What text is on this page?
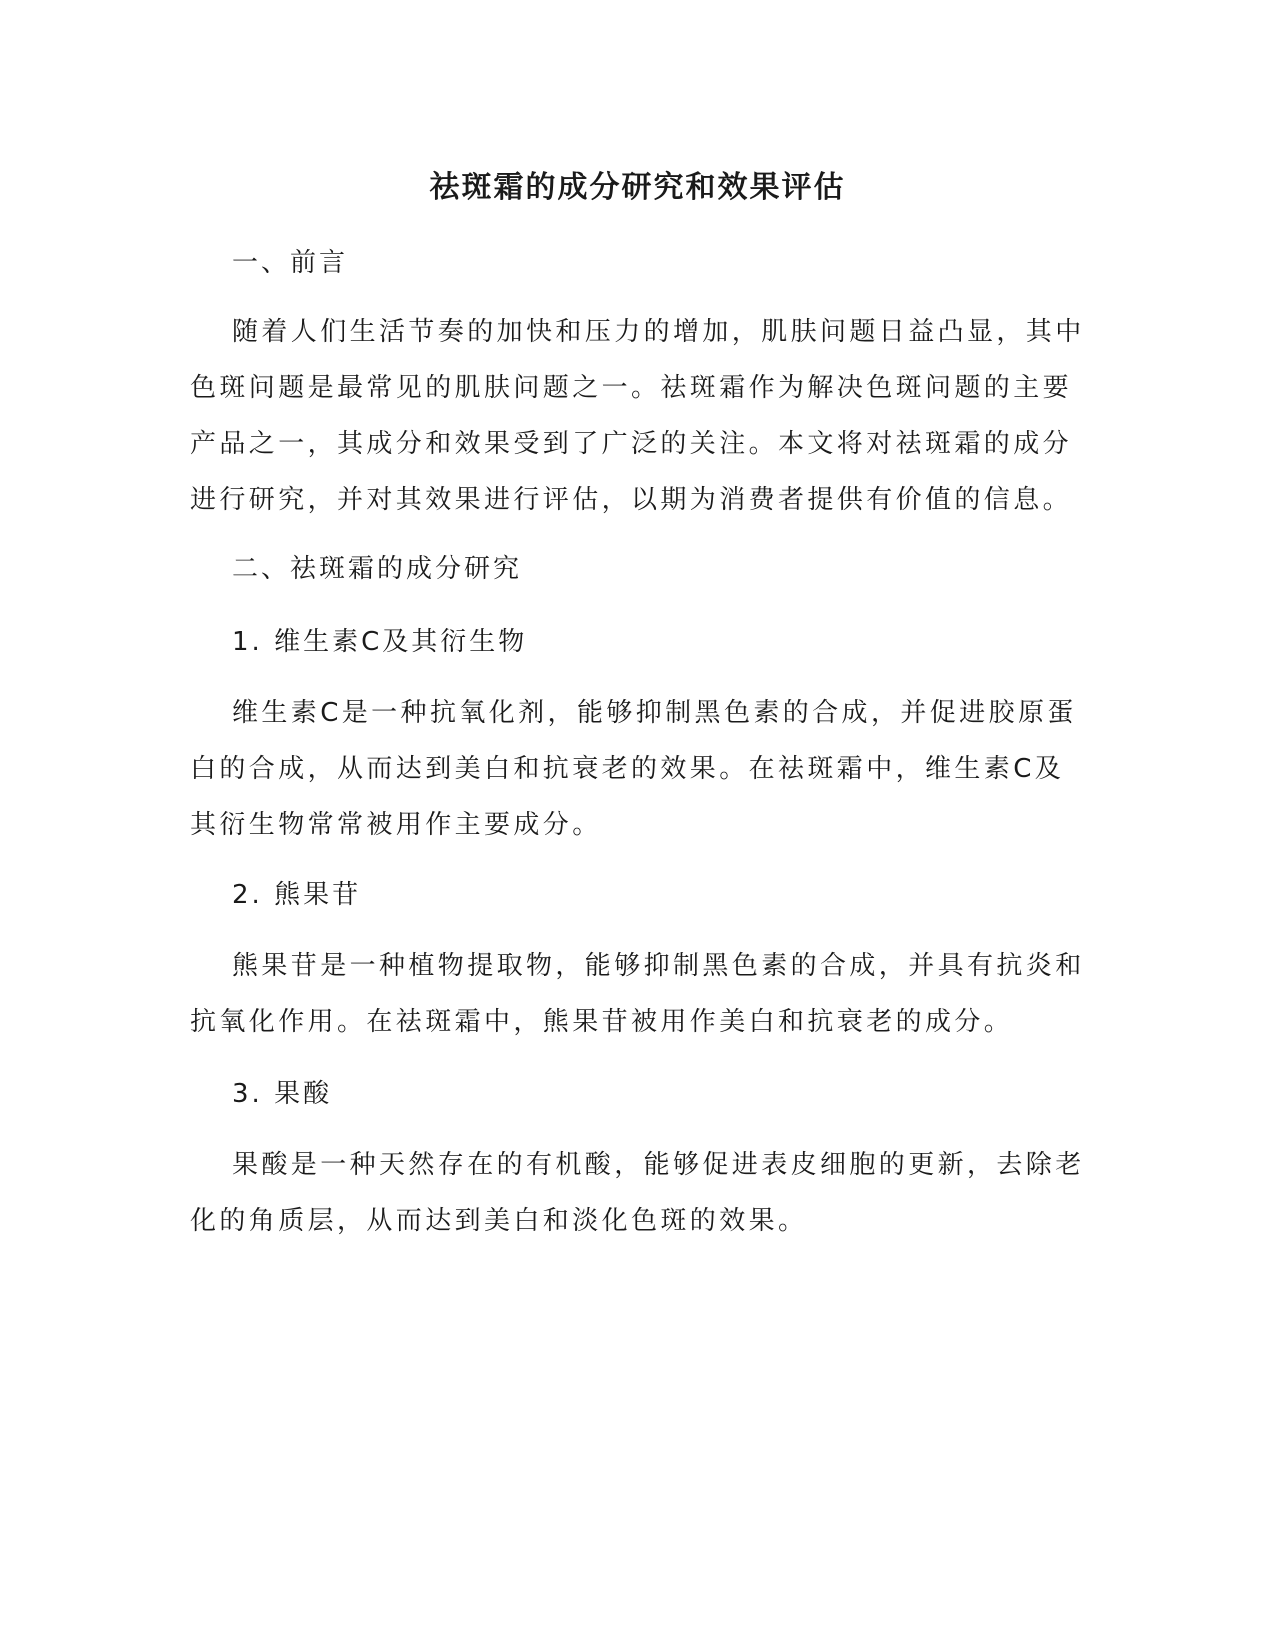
祛斑霜的成分研究和效果评估
一、前言

随着人们生活节奏的加快和压力的增加，肌肤问题日益凸显，其中色斑问题是最常见的肌肤问题之一。祛斑霜作为解决色斑问题的主要产品之一，其成分和效果受到了广泛的关注。本文将对祛斑霜的成分进行研究，并对其效果进行评估，以期为消费者提供有价值的信息。

二、祛斑霜的成分研究
1. 维生素C及其衍生物

维生素C是一种抗氧化剂，能够抑制黑色素的合成，并促进胶原蛋白的合成，从而达到美白和抗衰老的效果。在祛斑霜中，维生素C及其衍生物常常被用作主要成分。

2. 熊果苷

熊果苷是一种植物提取物，能够抑制黑色素的合成，并具有抗炎和抗氧化作用。在祛斑霜中，熊果苷被用作美白和抗衰老的成分。

3. 果酸

果酸是一种天然存在的有机酸，能够促进表皮细胞的更新，去除老化的角质层，从而达到美白和淡化色斑的效果。
